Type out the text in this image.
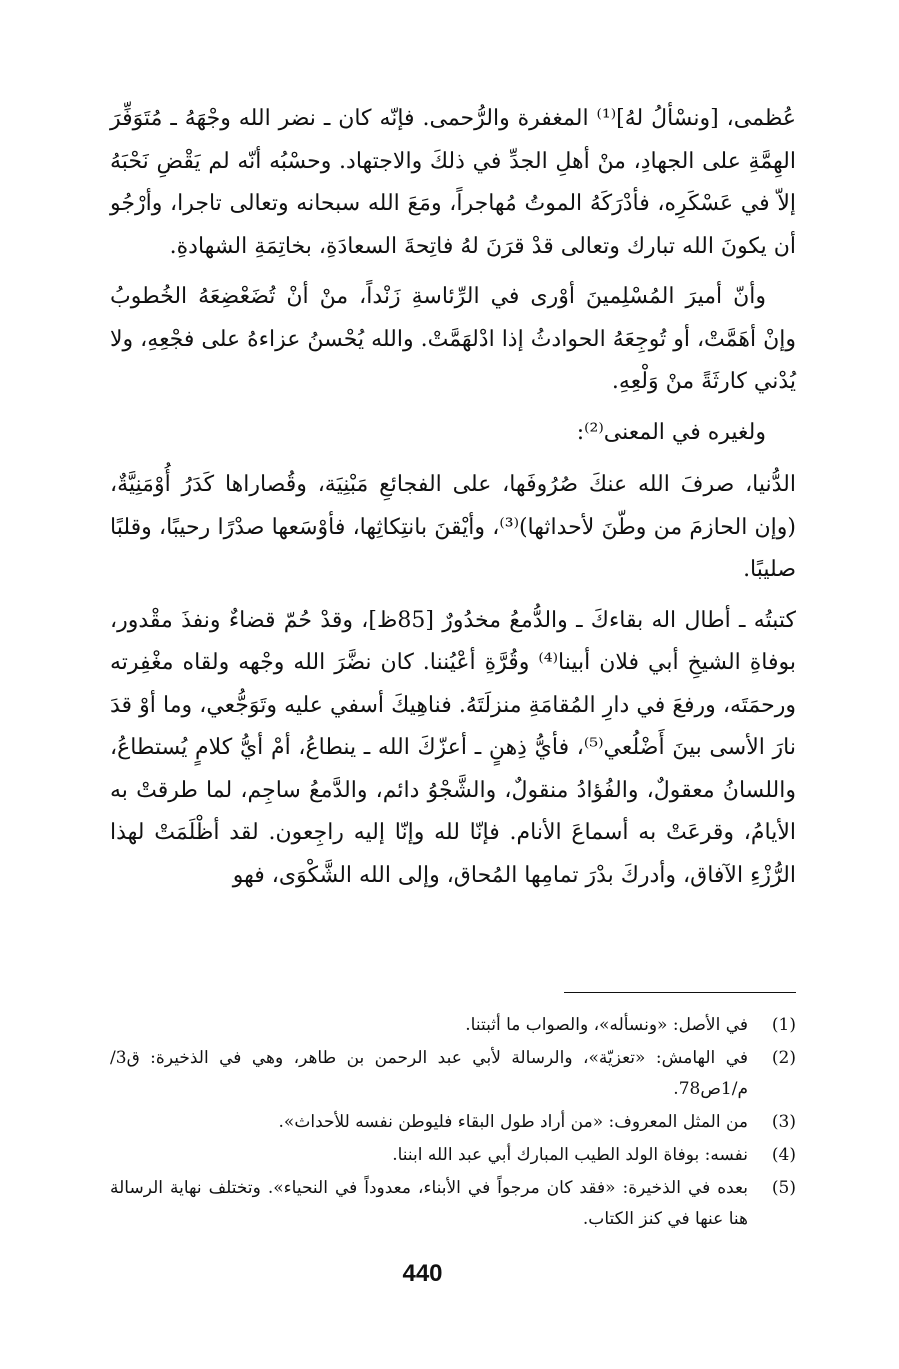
عُظمى، [ونسْألُ لهُ]⁽¹⁾ المغفرة والرُّحمى. فإنّه كان ـ نضر الله وجْهَهُ ـ مُتَوَفِّرَ الهِمَّةِ على الجهادِ، منْ أهلِ الجدِّ في ذلكَ والاجتهاد. وحسْبُه أنّه لم يَقْضِ نَحْبَهُ إلاّ في عَسْكَرِه، فأدْرَكَهُ الموتُ مُهاجراً، ومَعَ الله سبحانه وتعالى تاجرا، وأرْجُو أن يكونَ الله تبارك وتعالى قدْ قرَنَ لهُ فاتِحةَ السعادَةِ، بخاتِمَةِ الشهادةِ.

وأنّ أميرَ المُسْلِمينَ أوْرى في الرِّئاسةِ زَنْداً، منْ أنْ تُضَعْضِعَهُ الخُطوبُ وإنْ أهَمَّتْ، أو تُوجِعَهُ الحوادثُ إذا ادْلهَمَّتْ. والله يُحْسنُ عزاءهُ على فجْعِهِ، ولا يُدْني كارثَةً منْ وَلْعِهِ.

ولغيره في المعنى⁽²⁾:

الدُّنيا، صرفَ الله عنكَ صُرُوفَها، على الفجائعِ مَبْنِيَة، وقُصاراها كَدَرُ أُوْمَنِيَّةٌ، (وإن الحازمَ من وطّنَ لأحداثها)⁽³⁾، وأيْقنَ بانتِكاثِها، فأوْسَعها صدْرًا رحيبًا، وقلبًا صليبًا.

كتبتُه ـ أطال اله بقاءكَ ـ والدُّمعُ مخدُورٌ [85ظ]، وقدْ حُمّ قضاءٌ ونفذَ مقْدور، بوفاةِ الشيخِ أبي فلان أبينا⁽⁴⁾ وقُرَّةِ أعْيُننا. كان نضَّرَ الله وجْهه ولقاه مغْفِرته ورحمَتَه، ورفعَ في دارِ المُقامَةِ منزلَتَهُ. فناهِيكَ أسفي عليه وتَوَجُّعي، وما أوْ قدَ نارَ الأسى بينَ أَضْلُعي⁽⁵⁾، فأيُّ ذِهنٍ ـ أعزّكَ الله ـ ينطاعُ، أمْ أيُّ كلامٍ يُستطاعُ، واللسانُ معقولٌ، والفُؤادُ منقولٌ، والشَّجْوُ دائم، والدَّمعُ ساجِم، لما طرقتْ به الأيامُ، وقرعَتْ به أسماعَ الأنام. فإنّا لله وإنّا إليه راجِعون. لقد أظْلَمَتْ لهذا الرُّزْءِ الآفاق، وأدركَ بدْرَ تمامِها المُحاق، وإلى الله الشَّكْوَى، فهو

(1)
في الأصل: «ونسأله»، والصواب ما أثبتنا.
(2)
في الهامش: «تعزيّة»، والرسالة لأبي عبد الرحمن بن طاهر، وهي في الذخيرة: ق3/م/1ص78.
(3)
من المثل المعروف: «من أراد طول البقاء فليوطن نفسه للأحداث».
(4)
نفسه: بوفاة الولد الطيب المبارك أبي عبد الله ابننا.
(5)
بعده في الذخيرة: «فقد كان مرجواً في الأبناء، معدوداً في النحياء». وتختلف نهاية الرسالة هنا عنها في كنز الكتاب.
440
